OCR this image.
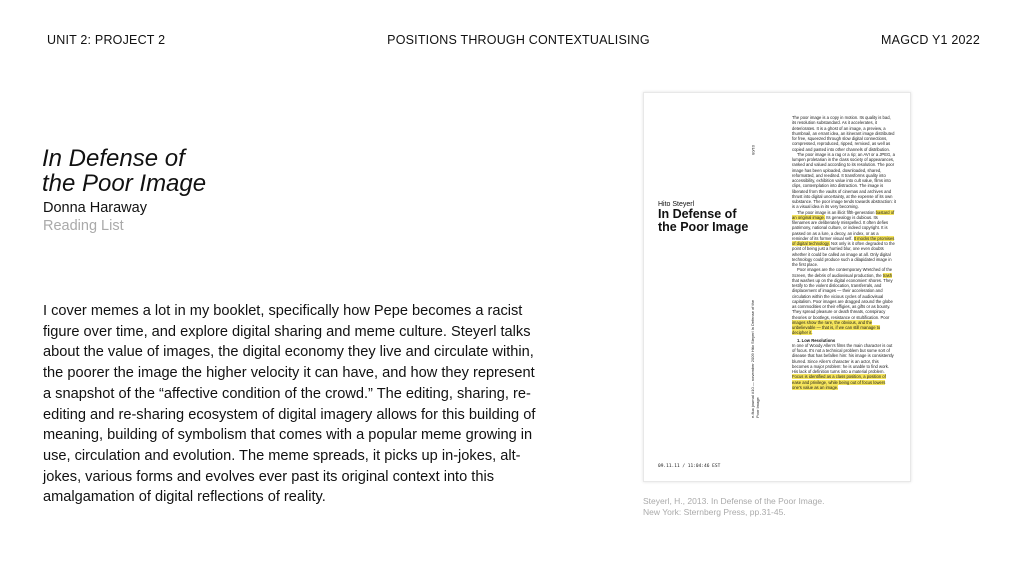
UNIT 2: PROJECT 2	POSITIONS THROUGH CONTEXTUALISING	MAGCD Y1 2022
In Defense of
the Poor Image
Donna Haraway
Reading List

I cover memes a lot in my booklet, specifically how Pepe becomes a racist figure over time, and explore digital sharing and meme culture. Steyerl talks about the value of images, the digital economy they live and circulate within, the poorer the image the higher velocity it can have, and how they represent a snapshot of the “affective condition of the crowd.” The editing, sharing, re-editing and re-sharing ecosystem of digital imagery allows for this building of meaning, building of symbolism that comes with a popular meme growing in use, circulation and evolution. The meme spreads, it picks up in-jokes, alt-jokes, various forms and evolves ever past its original context into this amalgamation of digital reflections of reality.

01/09
Hito Steyerl
In Defense of
the Poor Image
e-flux journal #10 — november 2009 Hito Steyerl In Defense of the Poor Image
09.11.11 / 11:04:46 EST

The poor image is a copy in motion. Its quality is bad, its resolution substandard. As it accelerates, it deteriorates. It is a ghost of an image, a preview, a thumbnail, an errant idea, an itinerant image distributed for free, squeezed through slow digital connections, compressed, reproduced, ripped, remixed, as well as copied and pasted into other channels of distribution.

The poor image is a rag or a rip; an AVI or a JPEG, a lumpen proletarian in the class society of appearances, ranked and valued according to its resolution. The poor image has been uploaded, downloaded, shared, reformatted, and reedited. It transforms quality into accessibility, exhibition value into cult value, films into clips, contemplation into distraction. The image is liberated from the vaults of cinemas and archives and thrust into digital uncertainty, at the expense of its own substance. The poor image tends towards abstraction: it is a visual idea in its very becoming.

The poor image is an illicit fifth-generation bastard of an original image. Its genealogy is dubious. Its filenames are deliberately misspelled. It often defies patrimony, national culture, or indeed copyright. It is passed on as a lure, a decoy, an index, or as a reminder of its former visual self. It mocks the promises of digital technology. Not only is it often degraded to the point of being just a hurried blur, one even doubts whether it could be called an image at all. Only digital technology could produce such a dilapidated image in the first place.

Poor images are the contemporary Wretched of the Screen, the debris of audiovisual production, the trash that washes up on the digital economies' shores. They testify to the violent dislocation, transferrals, and displacement of images — their acceleration and circulation within the vicious cycles of audiovisual capitalism. Poor images are dragged around the globe as commodities or their effigies, as gifts or as bounty. They spread pleasure or death threats, conspiracy theories or bootlegs, resistance or stultification. Poor images show the rare, the obvious, and the unbelievable — that is, if we can still manage to decipher it.

1. Low Resolutions

In one of Woody Allen's films the main character is out of focus. It's not a technical problem but some sort of disease that has befallen him: his image is consistently blurred. Since Allen's character is an actor, this becomes a major problem: he is unable to find work. His lack of definition turns into a material problem. Focus is identified as a class position, a position of ease and privilege, while being out of focus lowers one's value as an image.

Steyerl, H., 2013. In Defense of the Poor Image.
New York: Sternberg Press, pp.31-45.
